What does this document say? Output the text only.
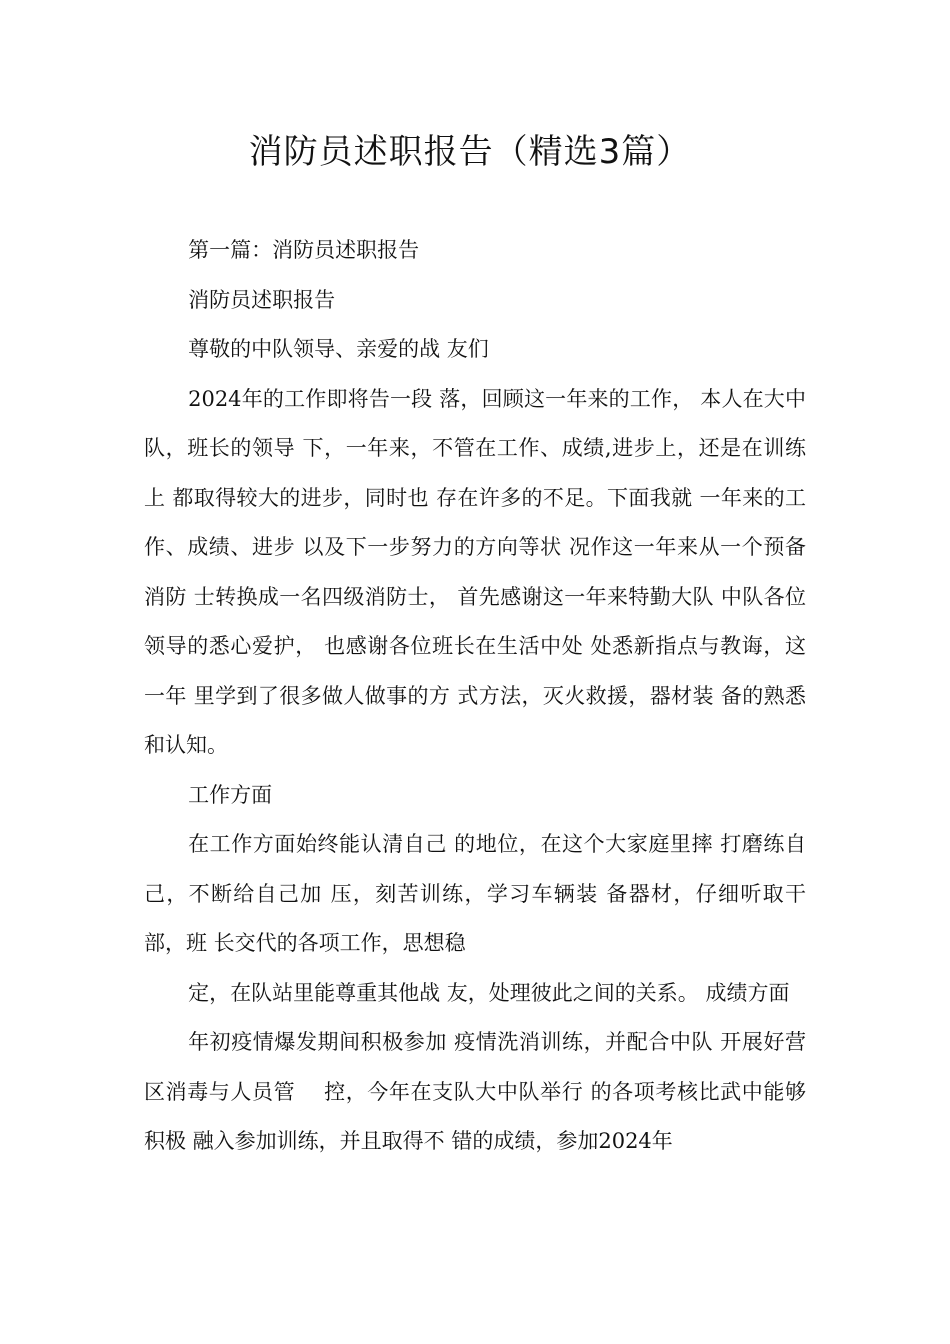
消防员述职报告（精选3篇）

第一篇：消防员述职报告

消防员述职报告

尊敬的中队领导、亲爱的战 友们

2024年的工作即将告一段 落，回顾这一年来的工作， 本人在大中队，班长的领导 下，一年来，不管在工作、成绩,进步上，还是在训练上 都取得较大的进步，同时也 存在许多的不足。下面我就 一年来的工作、成绩、进步 以及下一步努力的方向等状 况作这一年来从一个预备消防 士转换成一名四级消防士， 首先感谢这一年来特勤大队 中队各位领导的悉心爱护， 也感谢各位班长在生活中处 处悉新指点与教诲，这一年 里学到了很多做人做事的方 式方法，灭火救援，器材装 备的熟悉和认知。

工作方面

在工作方面始终能认清自己 的地位，在这个大家庭里摔 打磨练自己，不断给自己加 压，刻苦训练，学习车辆装 备器材，仔细听取干部，班 长交代的各项工作，思想稳

定，在队站里能尊重其他战 友，处理彼此之间的关系。 成绩方面

年初疫情爆发期间积极参加 疫情洗消训练，并配合中队 开展好营区消毒与人员管　 控，今年在支队大中队举行 的各项考核比武中能够积极 融入参加训练，并且取得不 错的成绩，参加2024年
